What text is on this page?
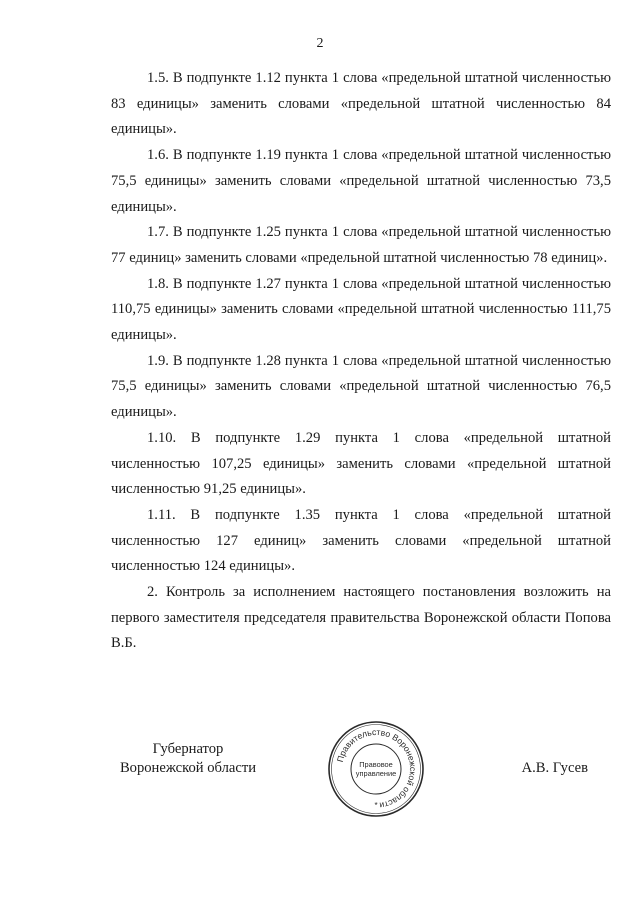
2

1.5. В подпункте 1.12 пункта 1 слова «предельной штатной численностью 83 единицы» заменить словами «предельной штатной численностью 84 единицы».

1.6. В подпункте 1.19 пункта 1 слова «предельной штатной численностью 75,5 единицы» заменить словами «предельной штатной численностью 73,5 единицы».

1.7. В подпункте 1.25 пункта 1 слова «предельной штатной численностью 77 единиц» заменить словами «предельной штатной численностью 78 единиц».

1.8. В подпункте 1.27 пункта 1 слова «предельной штатной численностью 110,75 единицы» заменить словами «предельной штатной численностью 111,75 единицы».

1.9. В подпункте 1.28 пункта 1 слова «предельной штатной численностью 75,5 единицы» заменить словами «предельной штатной численностью 76,5 единицы».

1.10. В подпункте 1.29 пункта 1 слова «предельной штатной численностью 107,25 единицы» заменить словами «предельной штатной численностью 91,25 единицы».

1.11. В подпункте 1.35 пункта 1 слова «предельной штатной численностью 127 единиц» заменить словами «предельной штатной численностью 124 единицы».

2. Контроль за исполнением настоящего постановления возложить на первого заместителя председателя правительства Воронежской области Попова В.Б.

Губернатор
Воронежской области
Правительство Воронежской области
Правовое
управление
*
А.В. Гусев
